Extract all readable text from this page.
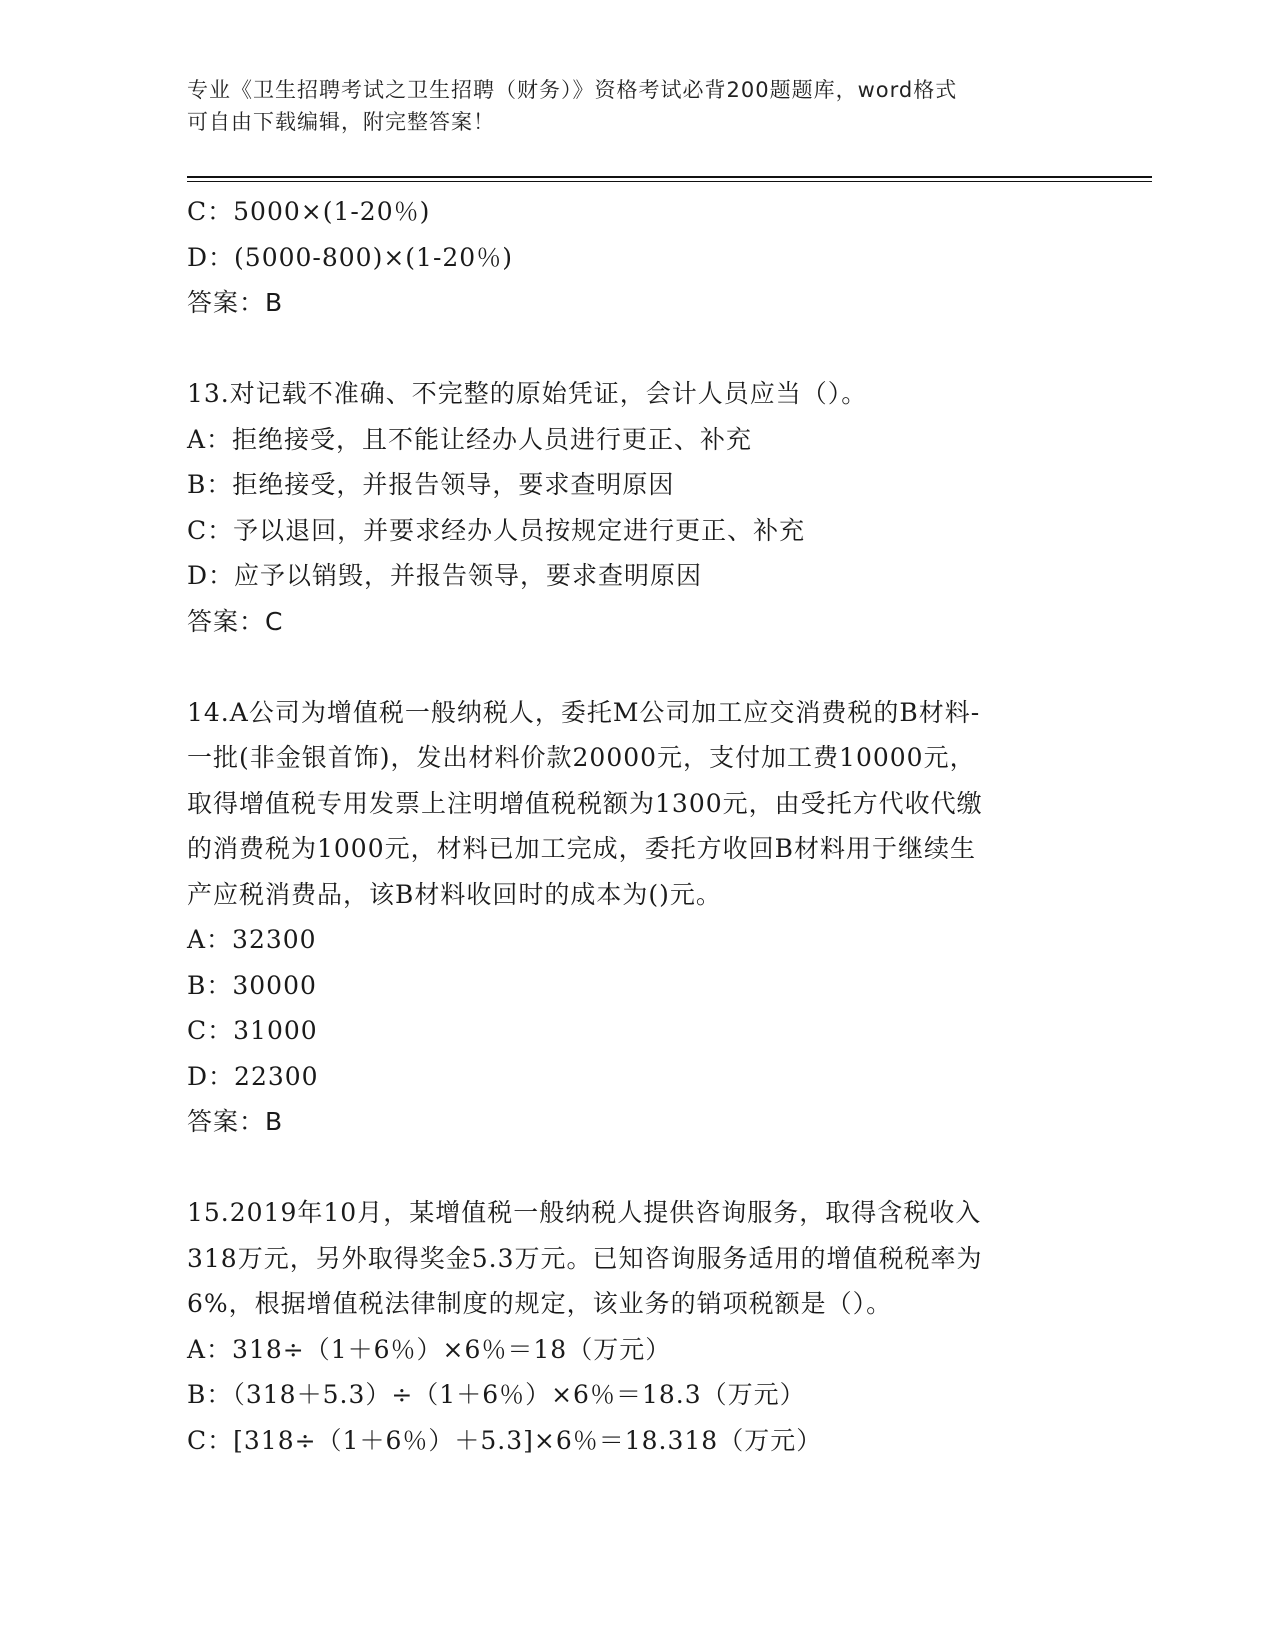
专业《卫生招聘考试之卫生招聘（财务）》资格考试必背200题题库，word格式
可自由下载编辑，附完整答案！
C：5000×(1-20％)
D：(5000-800)×(1-20％)
答案：B
13.对记载不准确、不完整的原始凭证，会计人员应当（）。
A：拒绝接受，且不能让经办人员进行更正、补充
B：拒绝接受，并报告领导，要求查明原因
C：予以退回，并要求经办人员按规定进行更正、补充
D：应予以销毁，并报告领导，要求查明原因
答案：C
14.A公司为增值税一般纳税人，委托M公司加工应交消费税的B材料-
一批(非金银首饰)，发出材料价款20000元，支付加工费10000元，
取得增值税专用发票上注明增值税税额为1300元，由受托方代收代缴
的消费税为1000元，材料已加工完成，委托方收回B材料用于继续生
产应税消费品，该B材料收回时的成本为()元。
A：32300
B：30000
C：31000
D：22300
答案：B
15.2019年10月，某增值税一般纳税人提供咨询服务，取得含税收入
318万元，另外取得奖金5.3万元。已知咨询服务适用的增值税税率为
6%，根据增值税法律制度的规定，该业务的销项税额是（）。
A：318÷（1＋6％）×6％＝18（万元）
B：（318＋5.3）÷（1＋6％）×6％＝18.3（万元）
C：[318÷（1＋6％）＋5.3]×6％＝18.318（万元）
